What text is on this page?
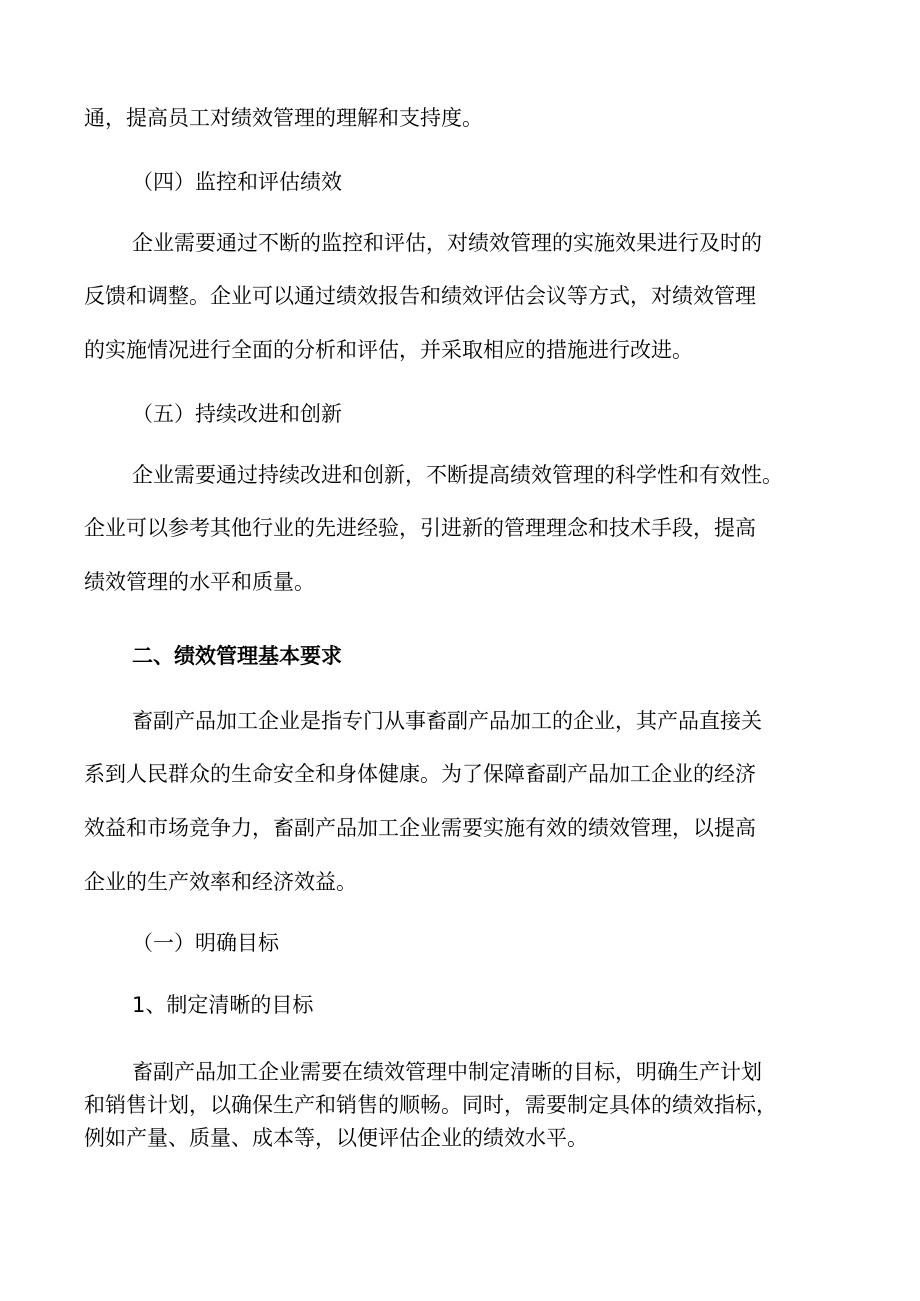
通，提高员工对绩效管理的理解和支持度。
（四）监控和评估绩效
企业需要通过不断的监控和评估，对绩效管理的实施效果进行及时的
反馈和调整。企业可以通过绩效报告和绩效评估会议等方式，对绩效管理
的实施情况进行全面的分析和评估，并采取相应的措施进行改进。
（五）持续改进和创新
企业需要通过持续改进和创新，不断提高绩效管理的科学性和有效性。
企业可以参考其他行业的先进经验，引进新的管理理念和技术手段，提高
绩效管理的水平和质量。
二、绩效管理基本要求
畜副产品加工企业是指专门从事畜副产品加工的企业，其产品直接关
系到人民群众的生命安全和身体健康。为了保障畜副产品加工企业的经济
效益和市场竞争力，畜副产品加工企业需要实施有效的绩效管理，以提高
企业的生产效率和经济效益。
（一）明确目标
1、制定清晰的目标
畜副产品加工企业需要在绩效管理中制定清晰的目标，明确生产计划
和销售计划，以确保生产和销售的顺畅。同时，需要制定具体的绩效指标，
例如产量、质量、成本等，以便评估企业的绩效水平。
